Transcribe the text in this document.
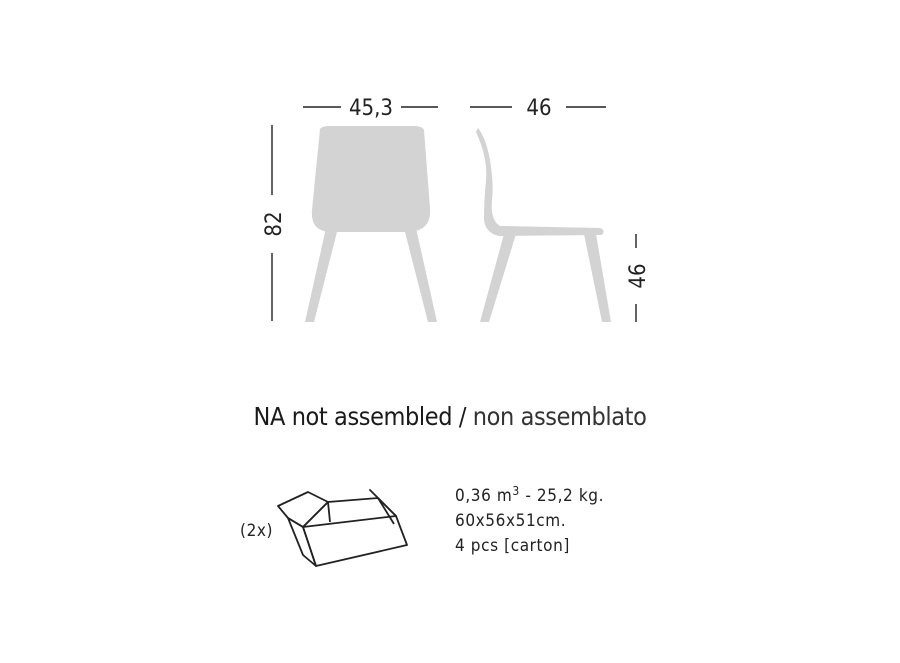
45,3	46
82
46
NA not assembled / non assemblato
(2x)
0,36 $m^3 - 25,2$ kg.
60x56x51cm.
4 pcs [carton]
